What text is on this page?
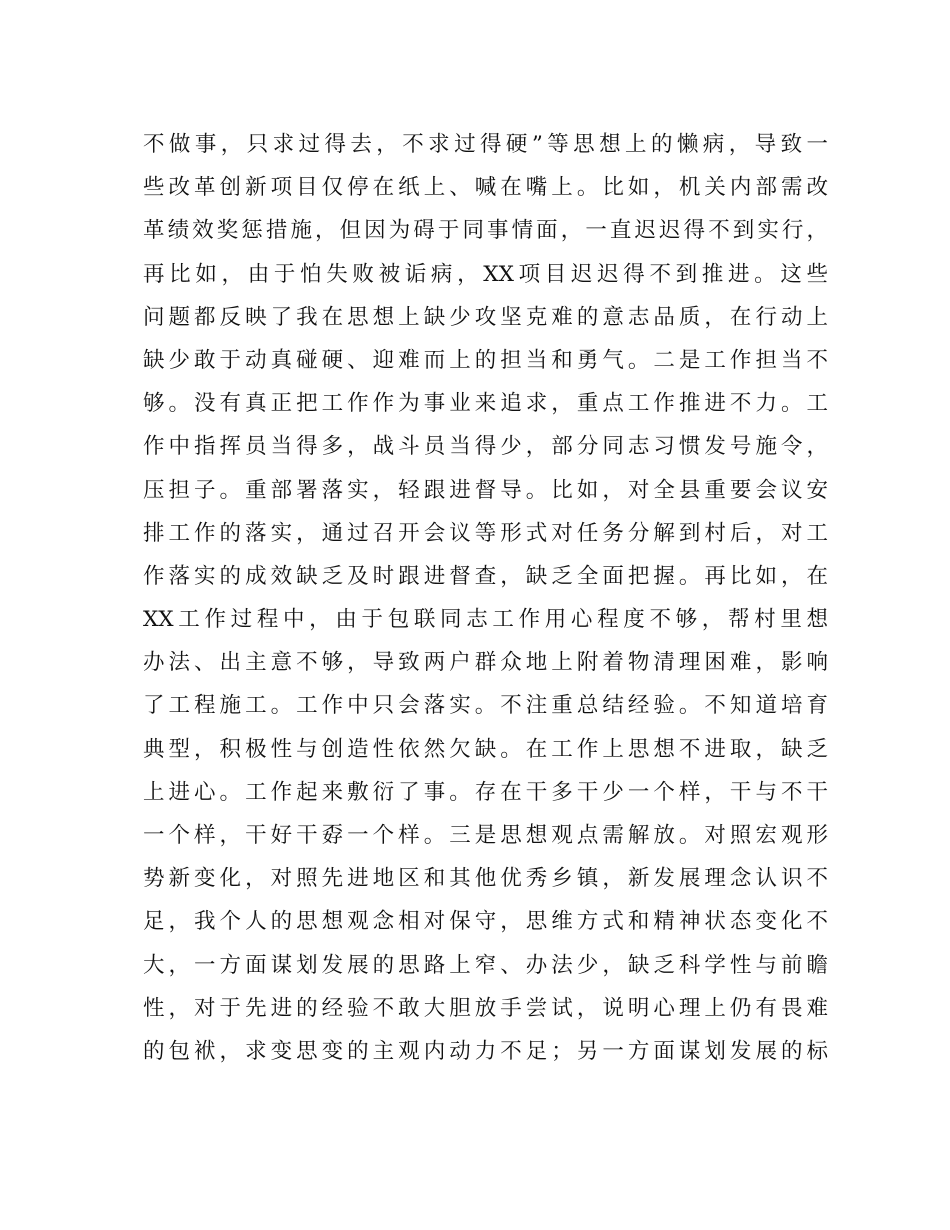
不做事，只求过得去，不求过得硬”等思想上的懒病，导致一
些改革创新项目仅停在纸上、喊在嘴上。比如，机关内部需改
革绩效奖惩措施，但因为碍于同事情面，一直迟迟得不到实行，
再比如，由于怕失败被诟病，XX项目迟迟得不到推进。这些
问题都反映了我在思想上缺少攻坚克难的意志品质，在行动上
缺少敢于动真碰硬、迎难而上的担当和勇气。二是工作担当不
够。没有真正把工作作为事业来追求，重点工作推进不力。工
作中指挥员当得多，战斗员当得少，部分同志习惯发号施令，
压担子。重部署落实，轻跟进督导。比如，对全县重要会议安
排工作的落实，通过召开会议等形式对任务分解到村后，对工
作落实的成效缺乏及时跟进督查，缺乏全面把握。再比如，在
XX工作过程中，由于包联同志工作用心程度不够，帮村里想
办法、出主意不够，导致两户群众地上附着物清理困难，影响
了工程施工。工作中只会落实。不注重总结经验。不知道培育
典型，积极性与创造性依然欠缺。在工作上思想不进取，缺乏
上进心。工作起来敷衍了事。存在干多干少一个样，干与不干
一个样，干好干孬一个样。三是思想观点需解放。对照宏观形
势新变化，对照先进地区和其他优秀乡镇，新发展理念认识不
足，我个人的思想观念相对保守，思维方式和精神状态变化不
大，一方面谋划发展的思路上窄、办法少，缺乏科学性与前瞻
性，对于先进的经验不敢大胆放手尝试，说明心理上仍有畏难
的包袱，求变思变的主观内动力不足；另一方面谋划发展的标
